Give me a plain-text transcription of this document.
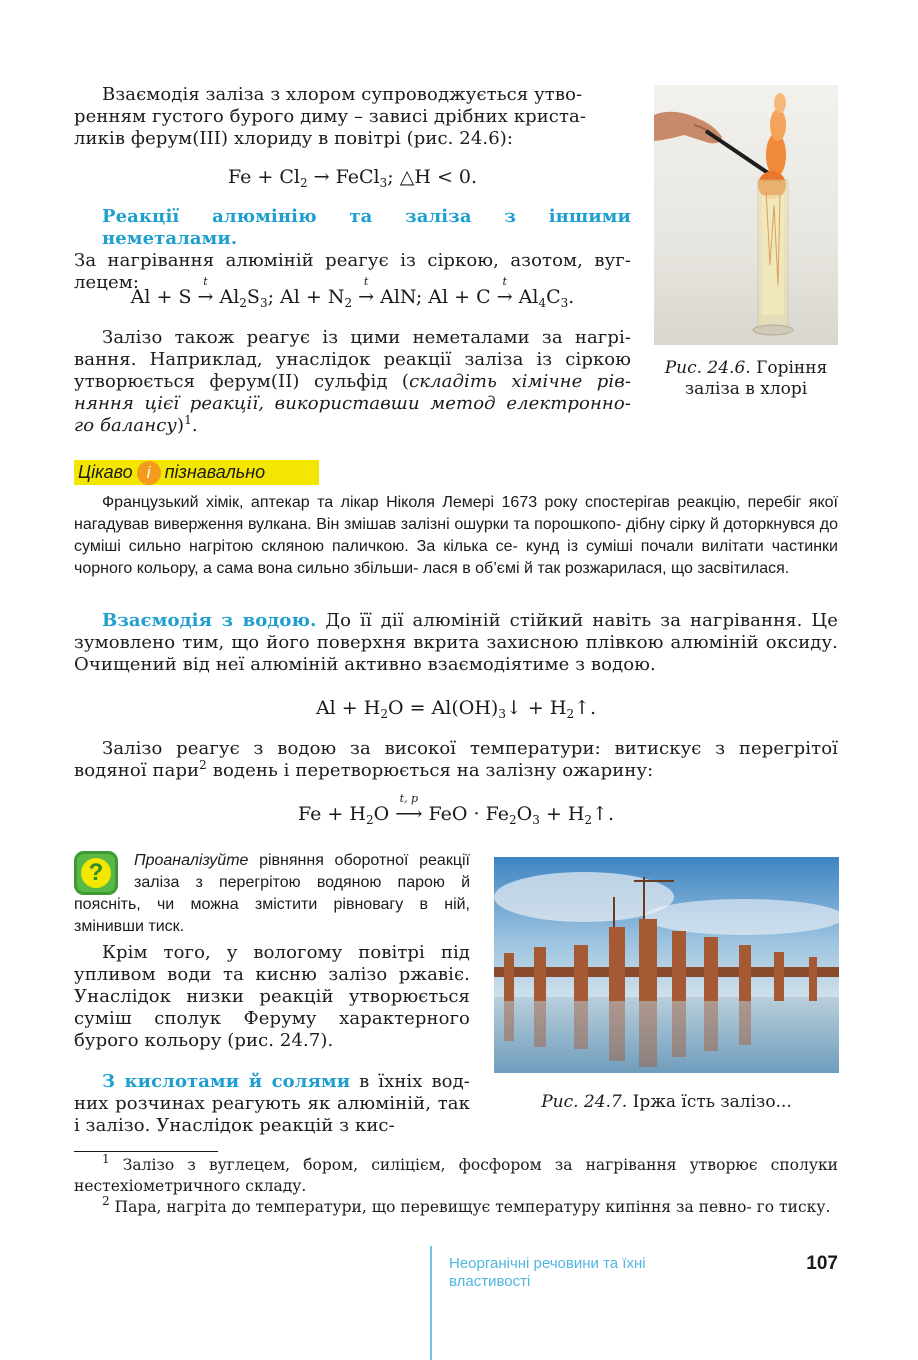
Взаємодія заліза з хлором супроводжується утво-
ренням густого бурого диму – зависі дрібних криста-
ликів ферум(ІІІ) хлориду в повітрі (рис. 24.6):
$Fe + Cl_2$ → FeCl$_3$; △H < 0.
Реакції алюмінію та заліза з іншими неметалами.
За нагрівання алюміній реагує із сіркою, азотом, вуг- лецем:
Al + S
t
→ $Al_2S_3$; $Al + N_2$
t
→ AlN; Al + C
t
→ $Al_4C_3$.
Залізо також реагує із цими неметалами за нагрі- вання. Наприклад, унаслідок реакції заліза із сіркою утворюється ферум(ІІ) сульфід (складіть хімічне рів- няння цієї реакції, використавши метод електронно- го балансу)$^1$.
Рис. 24.6. Горіння заліза в хлорі
Цікаво і пізнавально
Французький хімік, аптекар та лікар Ніколя Лемері 1673 року спостерігав реакцію, перебіг якої нагадував виверження вулкана. Він змішав залізні ошурки та порошкопо- дібну сірку й доторкнувся до суміші сильно нагрітою скляною паличкою. За кілька се- кунд із суміші почали вилітати частинки чорного кольору, а сама вона сильно збільши- лася в об’ємі й так розжарилася, що засвітилася.
Взаємодія з водою. До її дії алюміній стійкий навіть за нагрівання. Це зумовлено тим, що його поверхня вкрита захисною плівкою алюміній оксиду. Очищений від неї алюміній активно взаємодіятиме з водою.
$Al + H_2O$ = $Al(OH)_3↓$ + $H_2↑$.
Залізо реагує з водою за високої температури: витискує з перегрітої водяної пари$^2$ водень і перетворюється на залізну ожарину:
$Fe + H_2O$
t, p
⟶ FeO · $Fe_2O_3$ + $H_2↑$.
?	Проаналізуйте рівняння оборотної реакції заліза з перегрітою водяною парою й поясніть, чи можна змістити рівновагу в ній, змінивши тиск.
Крім того, у вологому повітрі під упливом води та кисню залізо ржавіє. Унаслідок низки реакцій утворюється суміш сполук Феруму характерного бурого кольору (рис. 24.7).
З кислотами й солями в їхніх вод- них розчинах реагують як алюміній, так і залізо. Унаслідок реакцій з кис-
Рис. 24.7. Іржа їсть залізо...
$^1$ Залізо з вуглецем, бором, силіцієм, фосфором за нагрівання утворює сполуки нестехіометричного складу.
$^2$ Пара, нагріта до температури, що перевищує температуру кипіння за певно- го тиску.
Неорганічні речовини та їхні властивості
107
